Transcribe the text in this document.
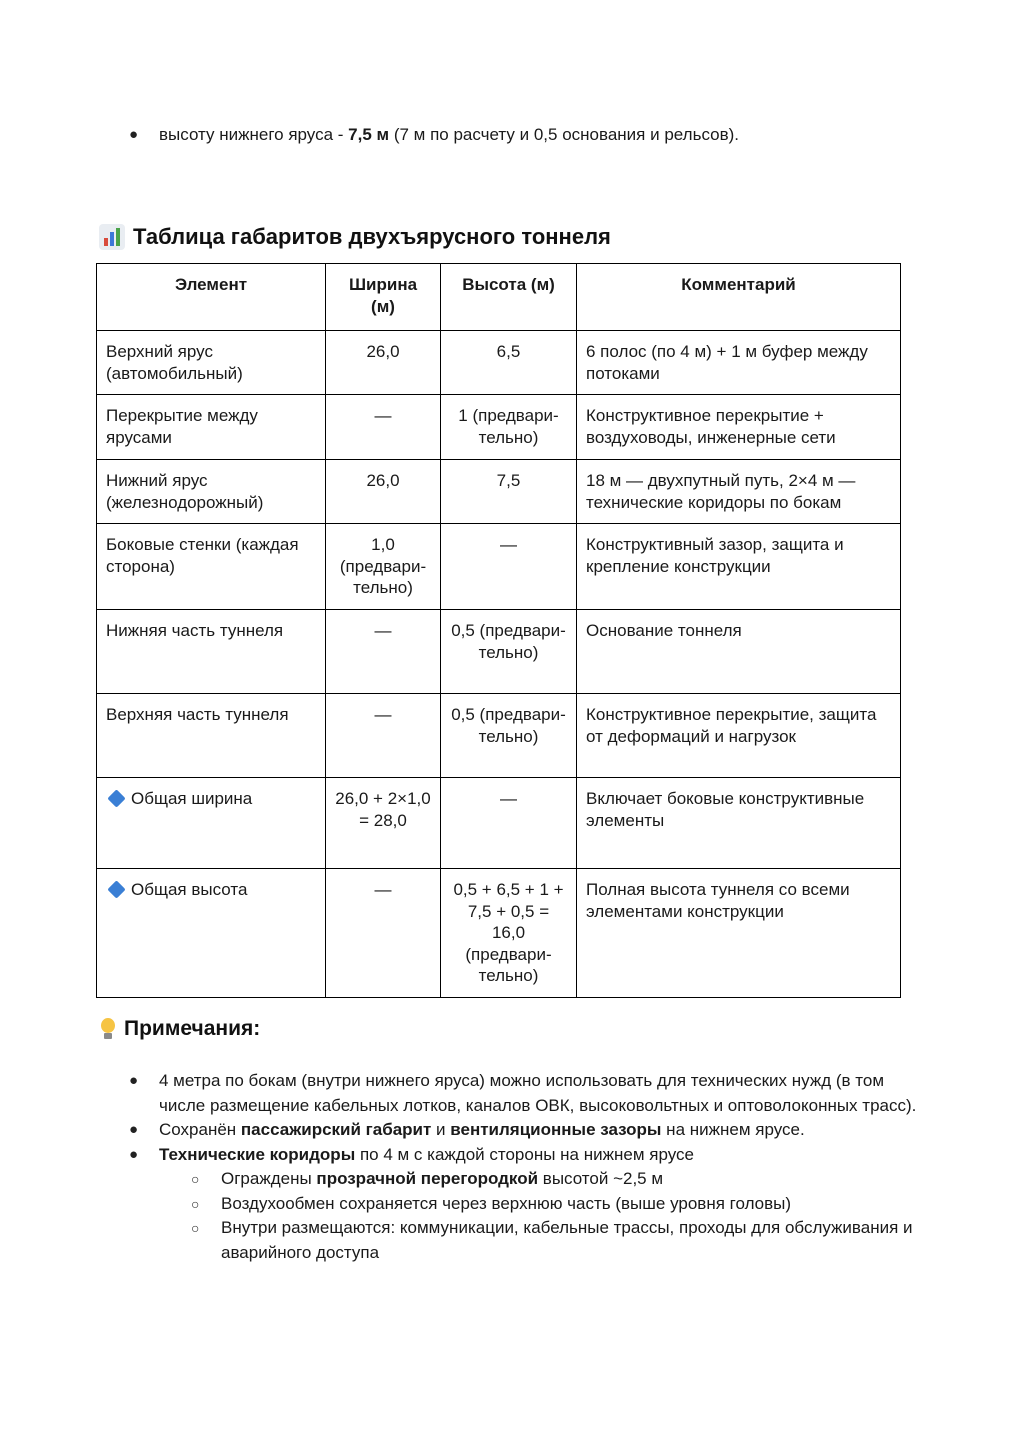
● высоту нижнего яруса - 7,5 м (7 м по расчету и 0,5 основания и рельсов).
Таблица габаритов двухъярусного тоннеля
Элемент	Ширина (м)	Высота (м)	Комментарий
Верхний ярус (автомобильный)	26,0	6,5	6 полос (по 4 м) + 1 м буфер между потоками
Перекрытие между ярусами	—	1 (предвари-тельно)	Конструктивное перекрытие + воздуховоды, инженерные сети
Нижний ярус (железнодорожный)	26,0	7,5	18 м — двухпутный путь, 2×4 м — технические коридоры по бокам
Боковые стенки (каждая сторона)	1,0 (предвари-тельно)	—	Конструктивный зазор, защита и крепление конструкции
Нижняя часть туннеля	—	0,5 (предвари-тельно)	Основание тоннеля
Верхняя часть туннеля	—	0,5 (предвари-тельно)	Конструктивное перекрытие, защита от деформаций и нагрузок
Общая ширина	26,0 + 2×1,0 = 28,0	—	Включает боковые конструктивные элементы
Общая высота	—	0,5 + 6,5 + 1 + 7,5 + 0,5 = 16,0 (предвари-тельно)	Полная высота туннеля со всеми элементами конструкции
Примечания:
● 4 метра по бокам (внутри нижнего яруса) можно использовать для технических нужд (в том числе размещение кабельных лотков, каналов ОВК, высоковольтных и оптоволоконных трасс).
● Сохранён пассажирский габарит и вентиляционные зазоры на нижнем ярусе.
● Технические коридоры по 4 м с каждой стороны на нижнем ярусе
○ Ограждены прозрачной перегородкой высотой ~2,5 м
○ Воздухообмен сохраняется через верхнюю часть (выше уровня головы)
○ Внутри размещаются: коммуникации, кабельные трассы, проходы для обслуживания и аварийного доступа
